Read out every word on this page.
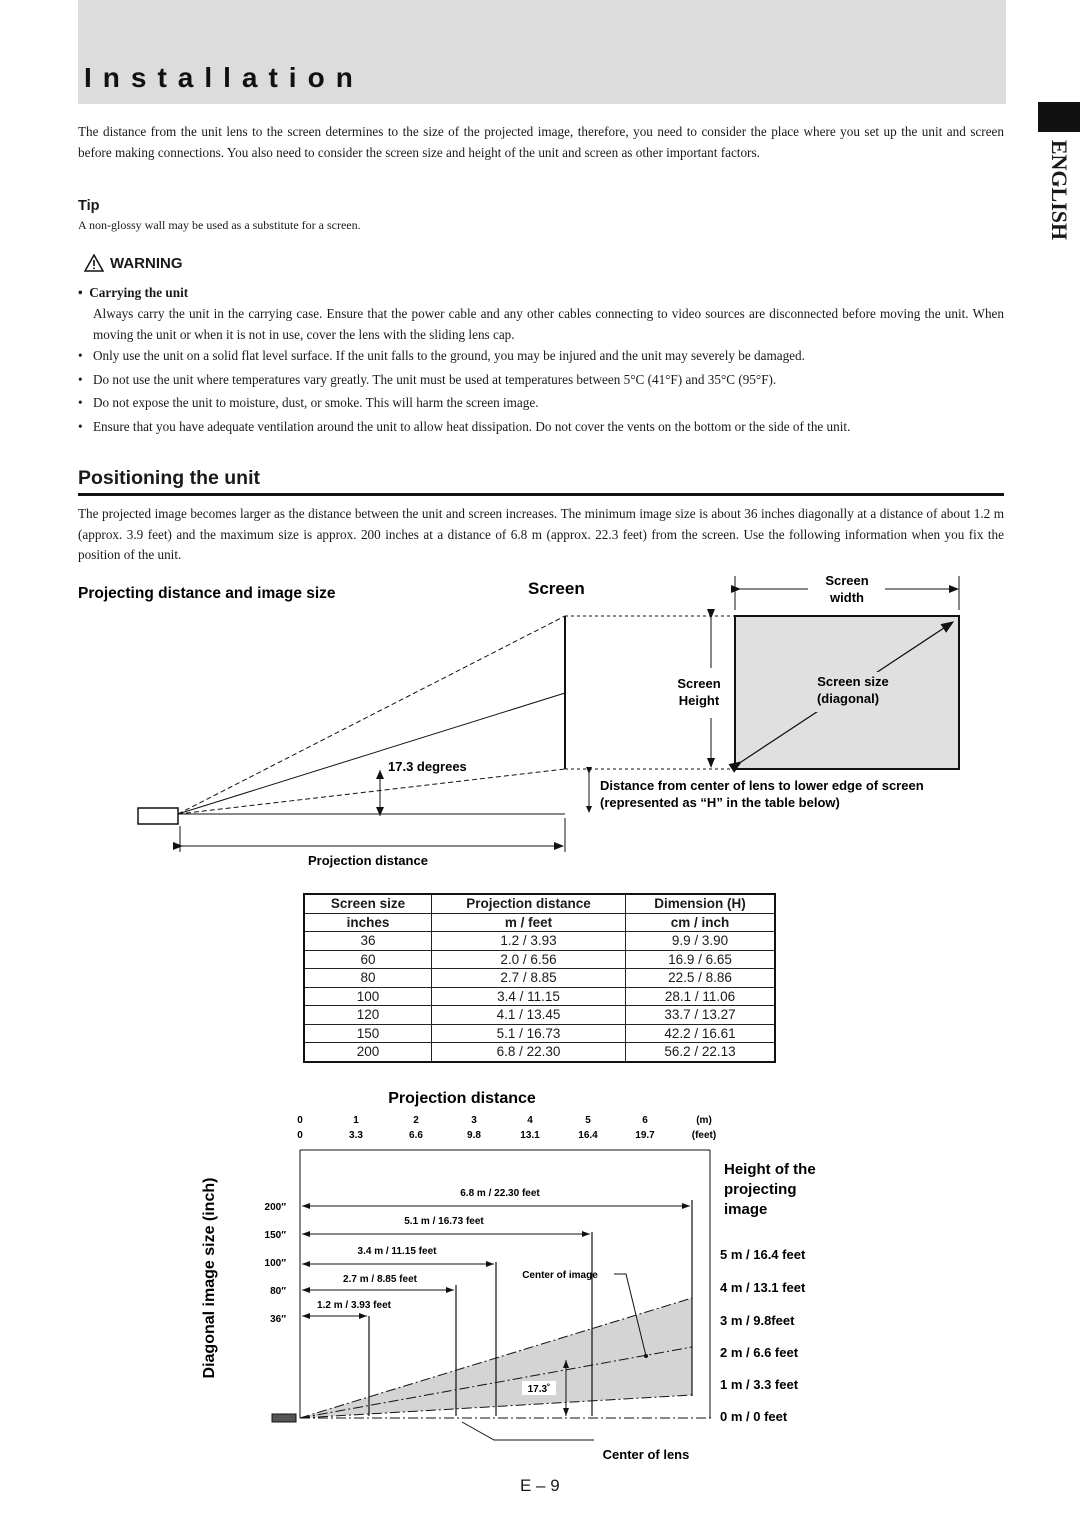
Installation
ENGLISH
The distance from the unit lens to the screen determines to the size of the projected image, therefore, you need to consider the place where you set up the unit and screen before making connections. You also need to consider the screen size and height of the unit and screen as other important factors.
Tip
A non-glossy wall may be used as a substitute for a screen.
WARNING
•  Carrying the unit
Always carry the unit in the carrying case. Ensure that the power cable and any other cables connecting to video sources are disconnected before moving the unit. When moving the unit or when it is not in use, cover the lens with the sliding lens cap.
• Only use the unit on a solid flat level surface. If the unit falls to the ground, you may be injured and the unit may severely be damaged.
• Do not use the unit where temperatures vary greatly. The unit must be used at temperatures between 5°C (41°F) and 35°C (95°F).
• Do not expose the unit to moisture, dust, or smoke. This will harm the screen image.
• Ensure that you have adequate ventilation around the unit to allow heat dissipation. Do not cover the vents on the bottom or the side of the unit.
Positioning the unit
The projected image becomes larger as the distance between the unit and screen increases. The minimum image size is about 36 inches diagonally at a distance of about 1.2 m (approx. 3.9 feet) and the maximum size is approx. 200 inches at a distance of 6.8 m (approx. 22.3 feet) from the screen. Use the following information when you fix the position of the unit.
Projecting distance and image size	Screen
17.3 degrees
Distance from center of lens to lower edge of screen
(represented as “H” in the table below)
Projection distance
Screen size
(diagonal)
Screen
width
Screen
Height
Screen size	Projection distance	Dimension (H)
inches	m / feet	cm / inch
36	1.2 / 3.93	9.9 / 3.90
60	2.0 / 6.56	16.9 / 6.65
80	2.7 / 8.85	22.5 / 8.86
100	3.4 / 11.15	28.1 / 11.06
120	4.1 / 13.45	33.7 / 13.27
150	5.1 / 16.73	42.2 / 16.61
200	6.8 / 22.30	56.2 / 22.13
Projection distance
0	1	2	3	4	5	6	(m)
0	3.3	6.6	9.8	13.1	16.4	19.7	(feet)
Diagonal image size (inch)	6.8 m / 22.30 feet
5.1 m / 16.73 feet
3.4 m / 11.15 feet
2.7 m / 8.85 feet
1.2 m / 3.93 feet
200″
150″
100″
80″
36″
Center of image
17.3˚
Center of lens
Height of the
projecting
image
5 m / 16.4 feet
4 m / 13.1 feet
3 m / 9.8feet
2 m / 6.6 feet
1 m / 3.3 feet
0 m / 0 feet
E – 9
